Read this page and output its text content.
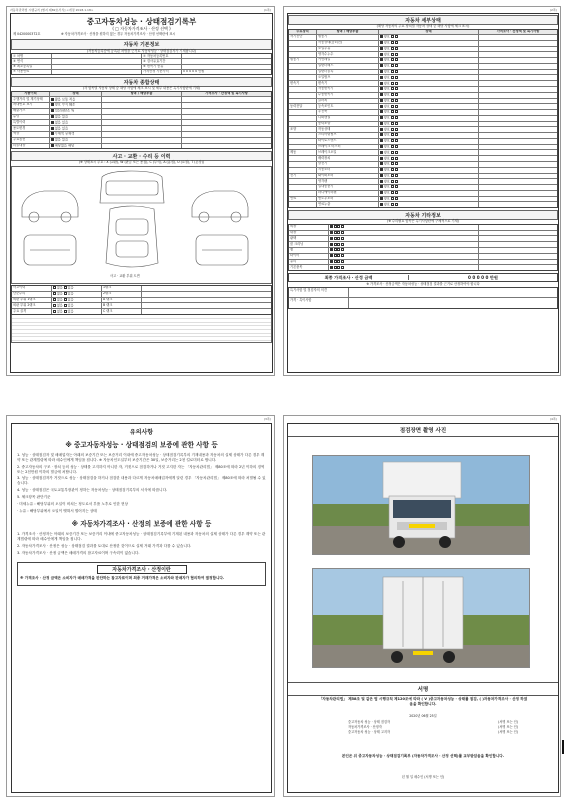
자동차관리법 시행규칙 [별지 제82호서식] <개정 2018.1.18>	(1쪽)
중고자동차성능 · 상태점검기록부
( □ 자동차가격조사 · 산정 선택 )
제 0420000372호	※ 자동차가격조사 · 산정을 원하지 않는 경우 자동차가격조사 · 산정 선택란에 표시
자동차 기본정보
(자동차등록증에 등록된 차명을 근거로 자동차성능 · 상태점검자가 기재합니다)
① 차명	② 자동차등록번호
③ 연식	④ 검사유효기간
⑤ 최초등록일	⑥ 변속기 종류
⑦ 사용연료	가격산정 기준가격	0 0 0 0 0 만원
자동차 종합상태
(각 항목별 자동차 상태 중 해당 사항에 체크 표시 및 세부 내용은 특기사항란에 기재)
사용이력	상태	항목 / 해당부품	가격조사 · 산정액 및 특기사항
주행거리 및 계기상태	많음 보통 적음
차대번호 표기	양호 부식 훼손
배출가스	일산화탄소 %
튜닝	없음 있음
특별이력	없음 있음
용도변경	없음 있음
색상	무채색 유채색
주요옵션	없음 있음
리콜대상	해당없음 해당
사고 · 교환 · 수리 등 이력
(※ 상태표시 부호 : X (교환), W (판금 또는 용접), C (부식), A (흠집), U (요철), T (손상))
사고 · 교환 부위 도면
사고이력	없음 있음	1랭크
단순수리	없음 있음	2랭크
외판 부위 1랭크	없음 있음	A 랭크
외판 부위 2랭크	없음 있음	B 랭크
주요 골격	없음 있음	C 랭크
(2쪽)
자동차 세부상태
(해당 자동차의 주요 장치별 자동차 상태 중 해당 사항에 체크 표시)
주요장치	항목 / 해당부품	상태	가격조사 · 산정액 및 특기사항
자기진단	원동기	양호
작동상태(공회전)	양호
오일누유	양호
냉각수누수	양호
원동기	커먼레일	양호
실린더헤드	양호
실린더블록	양호
오일펌프	양호
변속기	변속기	양호
자동변속기	양호
수동변속기	양호
클러치	양호
동력전달	등속조인트	양호
추진축	양호
디퍼렌셜	양호
동력조향	양호
조향	작동상태	양호
스티어링펌프	양호
타이로드엔드	양호
브레이크 마스터	양호
제동	브레이크오일	양호
배력장치	양호
발전기	양호
시동모터	양호
전기	와이퍼모터	양호
냉각팬	양호
실내송풍기	양호
라디에이터팬	양호
연료	윈도우모터	양호
연료누출	양호
자동차 기타정보
(※ 수리필요 항목은 특기사항란에 구체적으로 기재)
외장
내장
광택
룸 크리닝
휠
타이어
유리
기본품목
최종 가격조사 · 산정 금액	0 0 0 0 0 만원
※ 가격조사 · 산정금액은 자동차성능 · 상태점검 결과를 근거로 산정하여야 합니다
특기사항 및 점검자의 의견
가격 · 특이사항
(3쪽)
유의사항
※ 중고자동차성능 · 상태점검의 보증에 관한 사항 등
1. 성능 · 상태점검자 및 매매업자는 아래의 보증기간 또는 보증거리 이내에 중고자동차성능 · 상태점검기록부의 기재내용과 자동차의 실제 상태가 다른 경우 계약 또는 관계법령에 따라 매수인에게 책임을 집니다. ※ 자동차인도일부터 보증기간은 30일, 보증거리는 2천 킬로미터로 합니다.
2. 중고자동차의 구조 · 장치 등의 성능 · 상태를 고지하지 아니한 자, 거짓으로 점검하거나 거짓 고지한 자는 「자동차관리법」 제80조에 따라 2년 이하의 징역 또는 2천만원 이하의 벌금에 처합니다.
3. 성능 · 상태점검자가 거짓으로 성능 · 상태점검을 하거나 점검한 내용과 다르게 자동차매매업자에게 알린 경우 「자동차관리법」 제80조에 따라 처벌될 수 있습니다.
4. 성능 · 상태점검은 국토교통부장관이 정하는 자동차성능 · 상태점검기록부의 서식에 따릅니다.
5. 체크항목 판단기준
· 미세누유 : 해당부위의 오일이 비치는 정도로서 부품 노후로 인한 현상
· 누유 : 해당부위에서 오일이 맺혀서 떨어지는 상태
※ 자동차가격조사 · 산정의 보증에 관한 사항 등
1. 가격조사 · 산정자는 아래의 보증기간 또는 보증거리 이내에 중고자동차성능 · 상태점검기록부에 기재된 내용과 자동차의 실제 상태가 다른 경우 계약 또는 관계법령에 따라 매수인에게 책임을 집니다.
2. 자동차가격조사 · 산정은 성능 · 상태점검 결과를 토대로 산정한 것이므로 실제 거래 가격과 다를 수 있습니다.
3. 자동차가격조사 · 산정 금액은 매매가격의 참고자료이며 구속력이 없습니다.
자동차가격조사 · 산정이란
※ 가격조사 · 산정 금액은 소비자가 매매가격을 판단하는 참고자료이며 최종 거래가격은 소비자와 판매자가 협의하여 결정합니다.
(4쪽)
점검장면 촬영 사진
서명
「자동차관리법」 제58조 및 같은 법 시행규칙 제120조에 따라 ( V )중고자동차성능 · 상태를 점검, ( )자동차가격조사 · 산정 하였음을 확인합니다.
2020년 06월 25일
중고자동차 성능 · 상태 점검자	(서명 또는 인)
자동차가격조사 · 산정자	(서명 또는 인)
중고자동차 성능 · 상태 고지자	(서명 또는 인)
본인은 위 중고자동차성능 · 상태점검기록부 (자동차가격조사 · 산정 선택)를 교부받았음을 확인합니다.
년 월 일 매수인 (서명 또는 인)
